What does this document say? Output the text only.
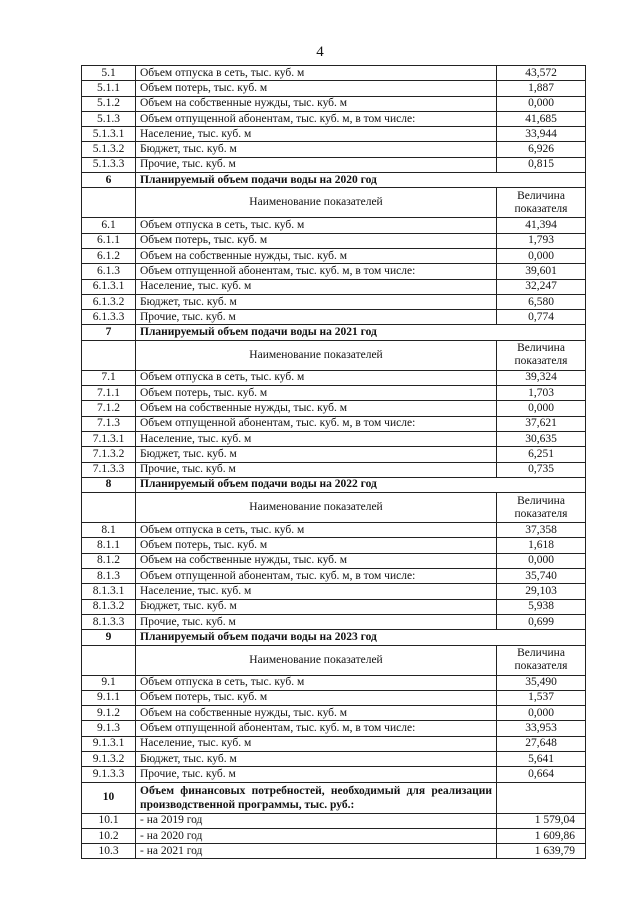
4
5.1	Объем отпуска в сеть, тыс. куб. м	43,572
5.1.1	Объем потерь, тыс. куб. м	1,887
5.1.2	Объем на собственные нужды, тыс. куб. м	0,000
5.1.3	Объем отпущенной абонентам, тыс. куб. м, в том числе:	41,685
5.1.3.1	Население, тыс. куб. м	33,944
5.1.3.2	Бюджет, тыс. куб. м	6,926
5.1.3.3	Прочие, тыс. куб. м	0,815
6	Планируемый объем подачи воды на 2020 год	
	Наименование показателей	Величина показателя
6.1	Объем отпуска в сеть, тыс. куб. м	41,394
6.1.1	Объем потерь, тыс. куб. м	1,793
6.1.2	Объем на собственные нужды, тыс. куб. м	0,000
6.1.3	Объем отпущенной абонентам, тыс. куб. м, в том числе:	39,601
6.1.3.1	Население, тыс. куб. м	32,247
6.1.3.2	Бюджет, тыс. куб. м	6,580
6.1.3.3	Прочие, тыс. куб. м	0,774
7	Планируемый объем подачи воды на 2021 год	
	Наименование показателей	Величина показателя
7.1	Объем отпуска в сеть, тыс. куб. м	39,324
7.1.1	Объем потерь, тыс. куб. м	1,703
7.1.2	Объем на собственные нужды, тыс. куб. м	0,000
7.1.3	Объем отпущенной абонентам, тыс. куб. м, в том числе:	37,621
7.1.3.1	Население, тыс. куб. м	30,635
7.1.3.2	Бюджет, тыс. куб. м	6,251
7.1.3.3	Прочие, тыс. куб. м	0,735
8	Планируемый объем подачи воды на 2022 год	
	Наименование показателей	Величина показателя
8.1	Объем отпуска в сеть, тыс. куб. м	37,358
8.1.1	Объем потерь, тыс. куб. м	1,618
8.1.2	Объем на собственные нужды, тыс. куб. м	0,000
8.1.3	Объем отпущенной абонентам, тыс. куб. м, в том числе:	35,740
8.1.3.1	Население, тыс. куб. м	29,103
8.1.3.2	Бюджет, тыс. куб. м	5,938
8.1.3.3	Прочие, тыс. куб. м	0,699
9	Планируемый объем подачи воды на 2023 год	
	Наименование показателей	Величина показателя
9.1	Объем отпуска в сеть, тыс. куб. м	35,490
9.1.1	Объем потерь, тыс. куб. м	1,537
9.1.2	Объем на собственные нужды, тыс. куб. м	0,000
9.1.3	Объем отпущенной абонентам, тыс. куб. м, в том числе:	33,953
9.1.3.1	Население, тыс. куб. м	27,648
9.1.3.2	Бюджет, тыс. куб. м	5,641
9.1.3.3	Прочие, тыс. куб. м	0,664
10	Объем финансовых потребностей, необходимый для реализации производственной программы, тыс. руб.:	
10.1	- на 2019 год	1 579,04
10.2	- на 2020 год	1 609,86
10.3	- на 2021 год	1 639,79
